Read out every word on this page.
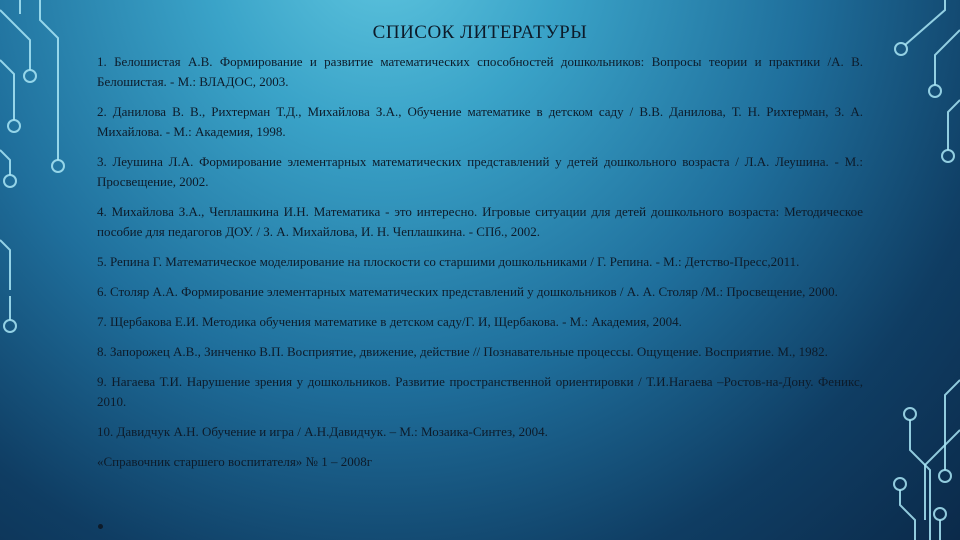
СПИСОК ЛИТЕРАТУРЫ

1. Белошистая А.В. Формирование и развитие математических способностей дошкольников: Вопросы теории и практики /А. В. Белошистая. - М.: ВЛАДОС, 2003.

2. Данилова В. В., Рихтерман Т.Д., Михайлова З.А., Обучение математике в детском саду / В.В. Данилова, Т. Н. Рихтерман, З. А. Михайлова. - М.: Академия, 1998.

3. Леушина Л.А. Формирование элементарных математических представлений у детей дошкольного возраста / Л.А. Леушина. - М.: Просвещение, 2002.

4. Михайлова З.А., Чеплашкина И.Н. Математика - это интересно. Игровые ситуации для детей дошкольного возраста: Методическое пособие для педагогов ДОУ. / З. А. Михайлова, И. Н. Чеплашкина. - СПб., 2002.

5. Репина Г. Математическое моделирование на плоскости со старшими дошкольниками / Г. Репина. - М.: Детство-Пресс,2011.

6. Столяр А.А. Формирование элементарных математических представлений у дошкольников / А. А. Столяр /М.: Просвещение, 2000.

7. Щербакова Е.И. Методика обучения математике в детском саду/Г. И, Щербакова. - М.: Академия, 2004.

8. Запорожец А.В., Зинченко В.П. Восприятие, движение, действие // Познавательные процессы. Ощущение. Восприятие. М., 1982.

9. Нагаева Т.И. Нарушение зрения у дошкольников. Развитие пространственной ориентировки / Т.И.Нагаева –Ростов-на-Дону. Феникс, 2010.

10. Давидчук А.Н. Обучение и игра / А.Н.Давидчук. – М.: Мозаика-Синтез, 2004.

«Справочник старшего воспитателя» № 1 – 2008г
